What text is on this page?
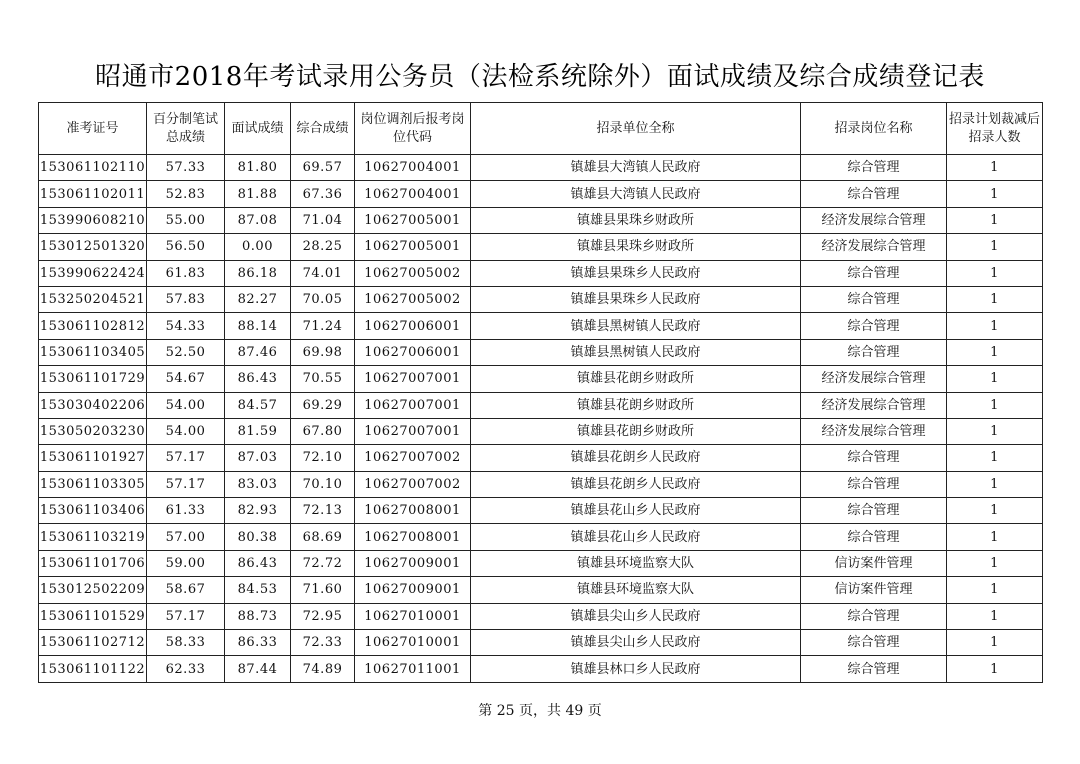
昭通市2018年考试录用公务员（法检系统除外）面试成绩及综合成绩登记表
准考证号	百分制笔试总成绩	面试成绩	综合成绩	岗位调剂后报考岗位代码	招录单位全称	招录岗位名称	招录计划裁减后招录人数
153061102110	57.33	81.80	69.57	10627004001	镇雄县大湾镇人民政府	综合管理	1
153061102011	52.83	81.88	67.36	10627004001	镇雄县大湾镇人民政府	综合管理	1
153990608210	55.00	87.08	71.04	10627005001	镇雄县果珠乡财政所	经济发展综合管理	1
153012501320	56.50	0.00	28.25	10627005001	镇雄县果珠乡财政所	经济发展综合管理	1
153990622424	61.83	86.18	74.01	10627005002	镇雄县果珠乡人民政府	综合管理	1
153250204521	57.83	82.27	70.05	10627005002	镇雄县果珠乡人民政府	综合管理	1
153061102812	54.33	88.14	71.24	10627006001	镇雄县黑树镇人民政府	综合管理	1
153061103405	52.50	87.46	69.98	10627006001	镇雄县黑树镇人民政府	综合管理	1
153061101729	54.67	86.43	70.55	10627007001	镇雄县花朗乡财政所	经济发展综合管理	1
153030402206	54.00	84.57	69.29	10627007001	镇雄县花朗乡财政所	经济发展综合管理	1
153050203230	54.00	81.59	67.80	10627007001	镇雄县花朗乡财政所	经济发展综合管理	1
153061101927	57.17	87.03	72.10	10627007002	镇雄县花朗乡人民政府	综合管理	1
153061103305	57.17	83.03	70.10	10627007002	镇雄县花朗乡人民政府	综合管理	1
153061103406	61.33	82.93	72.13	10627008001	镇雄县花山乡人民政府	综合管理	1
153061103219	57.00	80.38	68.69	10627008001	镇雄县花山乡人民政府	综合管理	1
153061101706	59.00	86.43	72.72	10627009001	镇雄县环境监察大队	信访案件管理	1
153012502209	58.67	84.53	71.60	10627009001	镇雄县环境监察大队	信访案件管理	1
153061101529	57.17	88.73	72.95	10627010001	镇雄县尖山乡人民政府	综合管理	1
153061102712	58.33	86.33	72.33	10627010001	镇雄县尖山乡人民政府	综合管理	1
153061101122	62.33	87.44	74.89	10627011001	镇雄县林口乡人民政府	综合管理	1
第 25 页，共 49 页
